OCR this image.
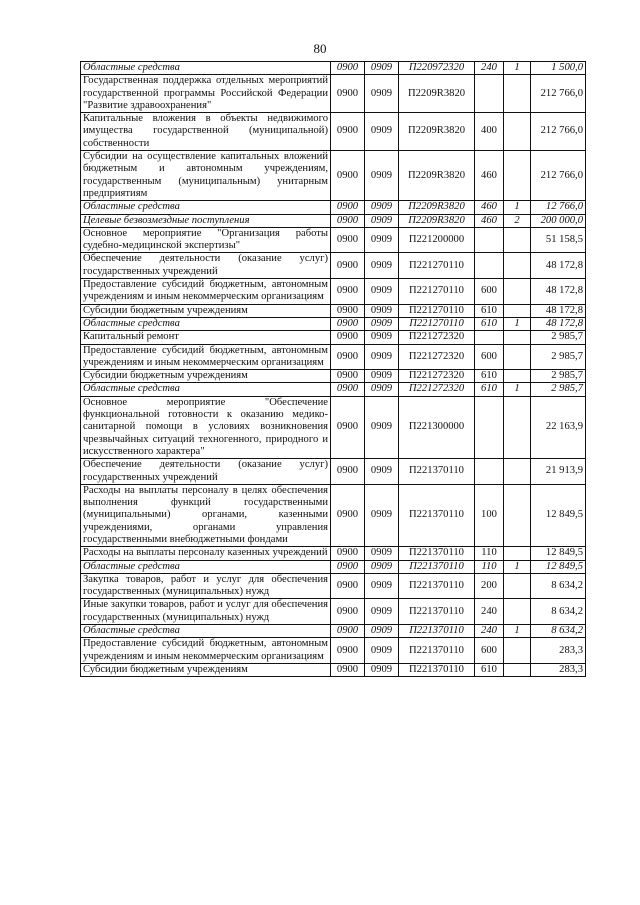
80
Областные средства	0900	0909	П220972320	240	1	1 500,0
Государственная поддержка отдельных мероприятий государственной программы Российской Федерации "Развитие здравоохранения"	0900	0909	П2209R3820			212 766,0
Капитальные вложения в объекты недвижимого имущества государственной (муниципальной) собственности	0900	0909	П2209R3820	400		212 766,0
Субсидии на осуществление капитальных вложений бюджетным и автономным учреждениям, государственным (муниципальным) унитарным предприятиям	0900	0909	П2209R3820	460		212 766,0
Областные средства	0900	0909	П2209R3820	460	1	12 766,0
Целевые безвозмездные поступления	0900	0909	П2209R3820	460	2	200 000,0
Основное мероприятие "Организация работы судебно-медицинской экспертизы"	0900	0909	П221200000			51 158,5
Обеспечение деятельности (оказание услуг) государственных учреждений	0900	0909	П221270110			48 172,8
Предоставление субсидий бюджетным, автономным учреждениям и иным некоммерческим организациям	0900	0909	П221270110	600		48 172,8
Субсидии бюджетным учреждениям	0900	0909	П221270110	610		48 172,8
Областные средства	0900	0909	П221270110	610	1	48 172,8
Капитальный ремонт	0900	0909	П221272320			2 985,7
Предоставление субсидий бюджетным, автономным учреждениям и иным некоммерческим организациям	0900	0909	П221272320	600		2 985,7
Субсидии бюджетным учреждениям	0900	0909	П221272320	610		2 985,7
Областные средства	0900	0909	П221272320	610	1	2 985,7
Основное мероприятие "Обеспечение функциональной готовности к оказанию медико-санитарной помощи в условиях возникновения чрезвычайных ситуаций техногенного, природного и искусственного характера"	0900	0909	П221300000			22 163,9
Обеспечение деятельности (оказание услуг) государственных учреждений	0900	0909	П221370110			21 913,9
Расходы на выплаты персоналу в целях обеспечения выполнения функций государственными (муниципальными) органами, казенными учреждениями, органами управления государственными внебюджетными фондами	0900	0909	П221370110	100		12 849,5
Расходы на выплаты персоналу казенных учреждений	0900	0909	П221370110	110		12 849,5
Областные средства	0900	0909	П221370110	110	1	12 849,5
Закупка товаров, работ и услуг для обеспечения государственных (муниципальных) нужд	0900	0909	П221370110	200		8 634,2
Иные закупки товаров, работ и услуг для обеспечения государственных (муниципальных) нужд	0900	0909	П221370110	240		8 634,2
Областные средства	0900	0909	П221370110	240	1	8 634,2
Предоставление субсидий бюджетным, автономным учреждениям и иным некоммерческим организациям	0900	0909	П221370110	600		283,3
Субсидии бюджетным учреждениям	0900	0909	П221370110	610		283,3
